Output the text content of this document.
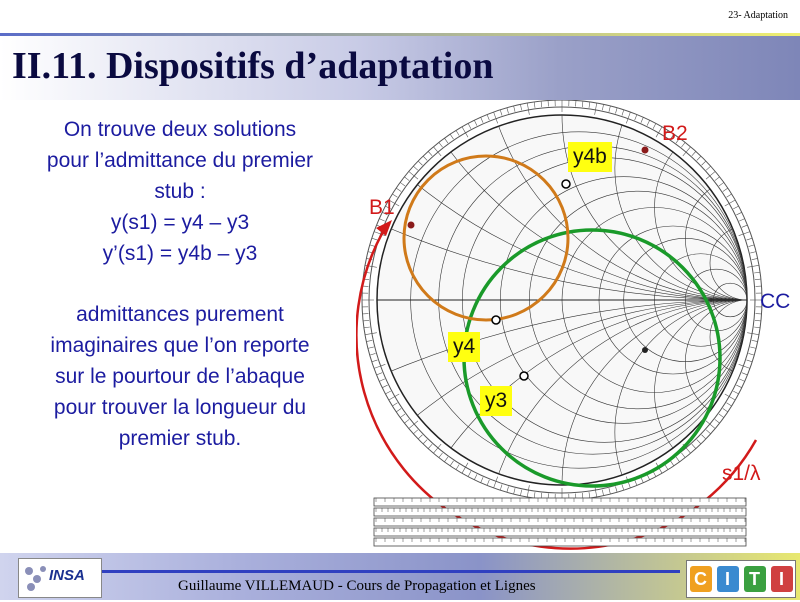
23- Adaptation
II.11. Dispositifs d’adaptation

On trouve deux solutions

pour l’admittance du premier

stub :

y(s1) = y4 – y3

y’(s1) = y4b – y3

admittances purement

imaginaires que l’on reporte

sur le pourtour de l’abaque

pour trouver la longueur du

premier stub.

B2
B1
CC
s1/λ
y4b
y4
y3
Guillaume VILLEMAUD - Cours de Propagation et Lignes
INSA	C I	T	I
